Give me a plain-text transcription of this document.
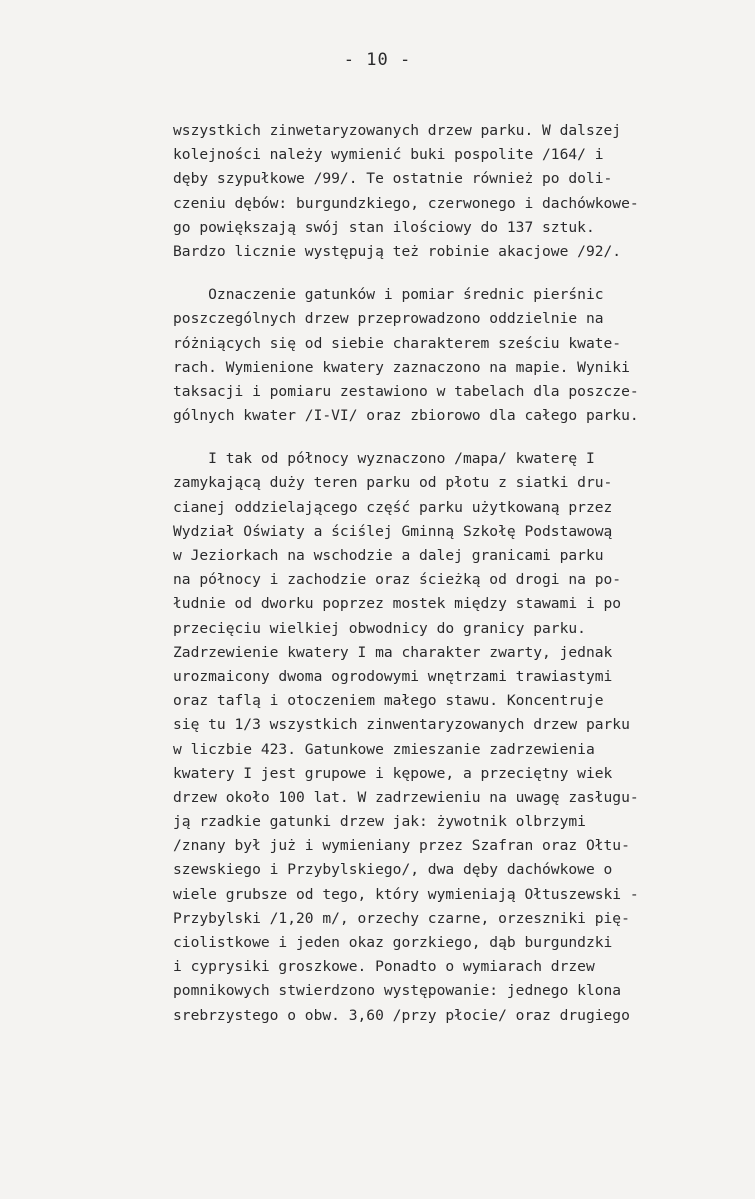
- 10 -
wszystkich zinwetaryzowanych drzew parku. W dalszej
kolejności należy wymienić buki pospolite /164/ i
dęby szypułkowe /99/. Te ostatnie również po doli-
czeniu dębów: burgundzkiego, czerwonego i dachówkowe-
go powiększają swój stan ilościowy do 137 sztuk.
Bardzo licznie występują też robinie akacjowe /92/.
Oznaczenie gatunków i pomiar średnic pierśnic
poszczególnych drzew przeprowadzono oddzielnie na
różniących się od siebie charakterem sześciu kwate-
rach. Wymienione kwatery zaznaczono na mapie. Wyniki
taksacji i pomiaru zestawiono w tabelach dla poszcze-
gólnych kwater /I-VI/ oraz zbiorowo dla całego parku.
I tak od północy wyznaczono /mapa/ kwaterę I
zamykającą duży teren parku od płotu z siatki dru-
cianej oddzielającego część parku użytkowaną przez
Wydział Oświaty a ściślej Gminną Szkołę Podstawową
w Jeziorkach na wschodzie a dalej granicami parku
na północy i zachodzie oraz ścieżką od drogi na po-
łudnie od dworku poprzez mostek między stawami i po
przecięciu wielkiej obwodnicy do granicy parku.
Zadrzewienie kwatery I ma charakter zwarty, jednak
urozmaicony dwoma ogrodowymi wnętrzami trawiastymi
oraz taflą i otoczeniem małego stawu. Koncentruje
się tu 1/3 wszystkich zinwentaryzowanych drzew parku
w liczbie 423. Gatunkowe zmieszanie zadrzewienia
kwatery I jest grupowe i kępowe, a przeciętny wiek
drzew około 100 lat. W zadrzewieniu na uwagę zasługu-
ją rzadkie gatunki drzew jak: żywotnik olbrzymi
/znany był już i wymieniany przez Szafran oraz Ołtu-
szewskiego i Przybylskiego/, dwa dęby dachówkowe o
wiele grubsze od tego, który wymieniają Ołtuszewski -
Przybylski /1,20 m/, orzechy czarne, orzeszniki pię-
ciolistkowe i jeden okaz gorzkiego, dąb burgundzki
i cyprysiki groszkowe. Ponadto o wymiarach drzew
pomnikowych stwierdzono występowanie: jednego klona
srebrzystego o obw. 3,60 /przy płocie/ oraz drugiego
